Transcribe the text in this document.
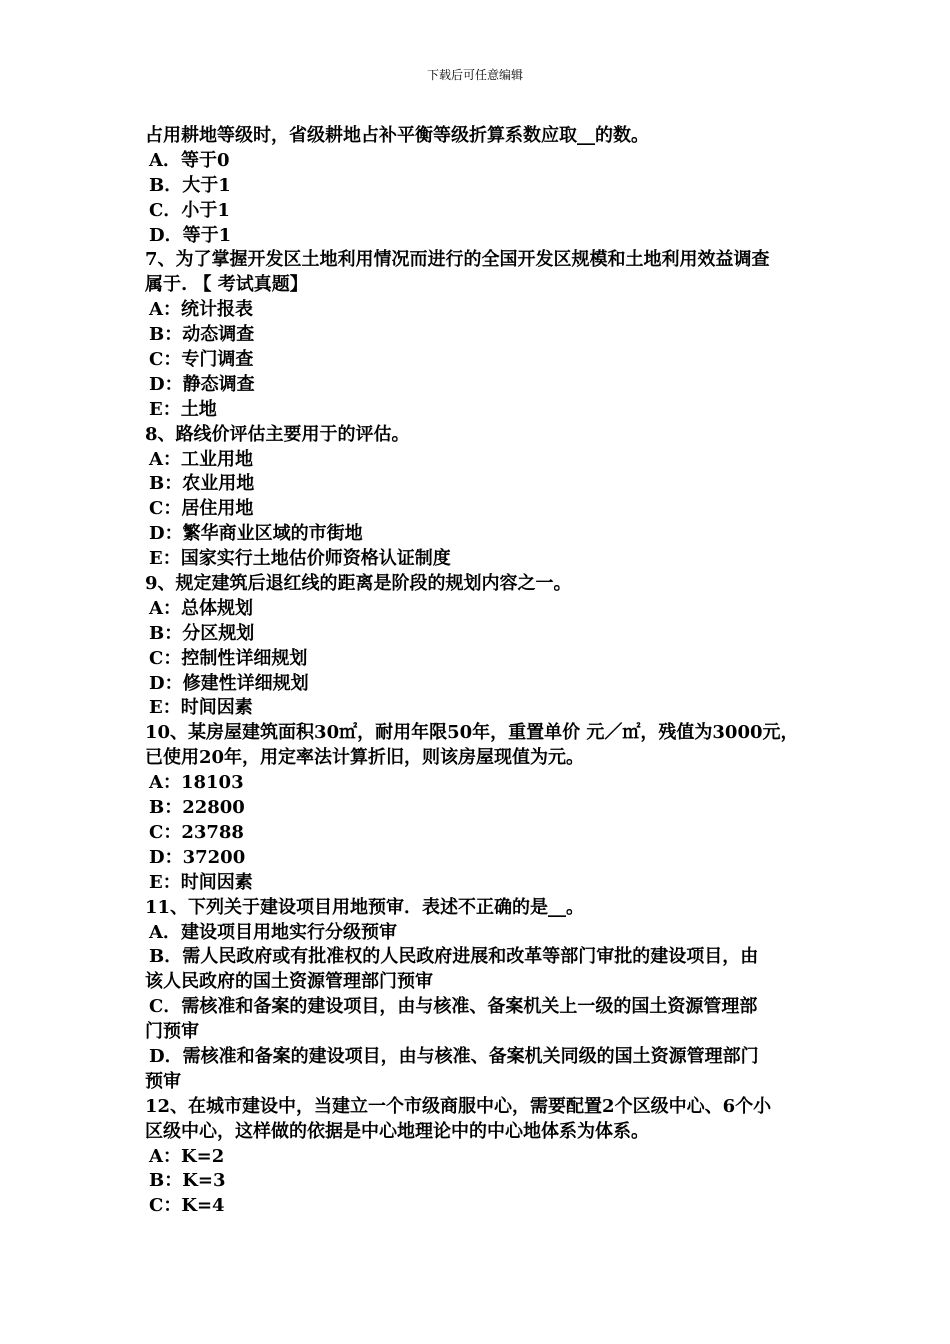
下载后可任意编辑
占用耕地等级时，省级耕地占补平衡等级折算系数应取__的数。
A．等于0
B．大于1
C．小于1
D．等于1
7、为了掌握开发区土地利用情况而进行的全国开发区规模和土地利用效益调查
属于. 【 考试真题】
A：统计报表
B：动态调查
C：专门调查
D：静态调查
E：土地
8、路线价评估主要用于的评估。
A：工业用地
B：农业用地
C：居住用地
D：繁华商业区域的市街地
E：国家实行土地估价师资格认证制度
9、规定建筑后退红线的距离是阶段的规划内容之一。
A：总体规划
B：分区规划
C：控制性详细规划
D：修建性详细规划
E：时间因素
10、某房屋建筑面积30㎡，耐用年限50年，重置单价 元／㎡，残值为3000元，
已使用20年，用定率法计算折旧，则该房屋现值为元。
A：18103
B：22800
C：23788
D：37200
E：时间因素
11、下列关于建设项目用地预审．表述不正确的是__。
A．建设项目用地实行分级预审
B．需人民政府或有批准权的人民政府进展和改革等部门审批的建设项目，由
该人民政府的国土资源管理部门预审
C．需核准和备案的建设项目，由与核准、备案机关上一级的国土资源管理部
门预审
D．需核准和备案的建设项目，由与核准、备案机关同级的国土资源管理部门
预审
12、在城市建设中，当建立一个市级商服中心，需要配置2个区级中心、6个小
区级中心，这样做的依据是中心地理论中的中心地体系为体系。
A：K=2
B：K=3
C：K=4
